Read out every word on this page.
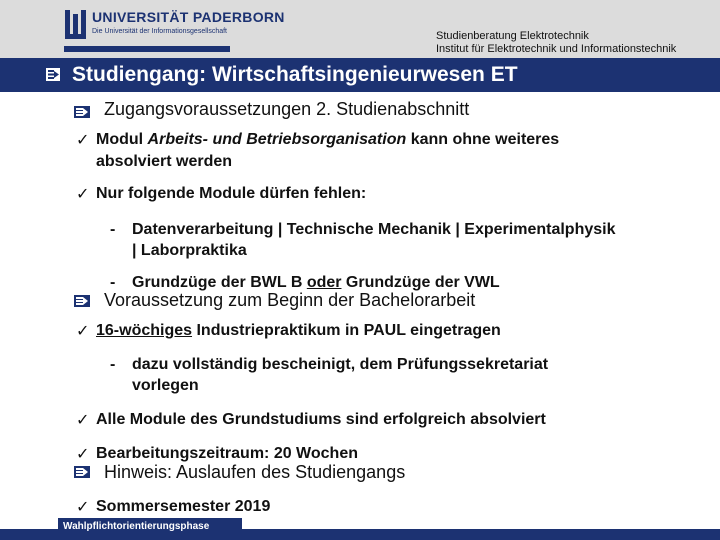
UNIVERSITÄT PADERBORN
Die Universität der Informationsgesellschaft	Studienberatung Elektrotechnik
Institut für Elektrotechnik und Informationstechnik
Studiengang: Wirtschaftsingenieurwesen ET
Zugangsvoraussetzungen 2. Studienabschnitt
✓ Modul Arbeits- und Betriebsorganisation kann ohne weiteres
absolviert werden
✓ Nur folgende Module dürfen fehlen:
- Datenverarbeitung | Technische Mechanik | Experimentalphysik
| Laborpraktika
- Grundzüge der BWL B oder Grundzüge der VWL
Voraussetzung zum Beginn der Bachelorarbeit
✓ 16-wöchiges Industriepraktikum in PAUL eingetragen
- dazu vollständig bescheinigt, dem Prüfungssekretariat
vorlegen
✓ Alle Module des Grundstudiums sind erfolgreich absolviert
✓ Bearbeitungszeitraum: 20 Wochen
Hinweis: Auslaufen des Studiengangs
✓ Sommersemester 2019
Wahlpflichtorientierungsphase
